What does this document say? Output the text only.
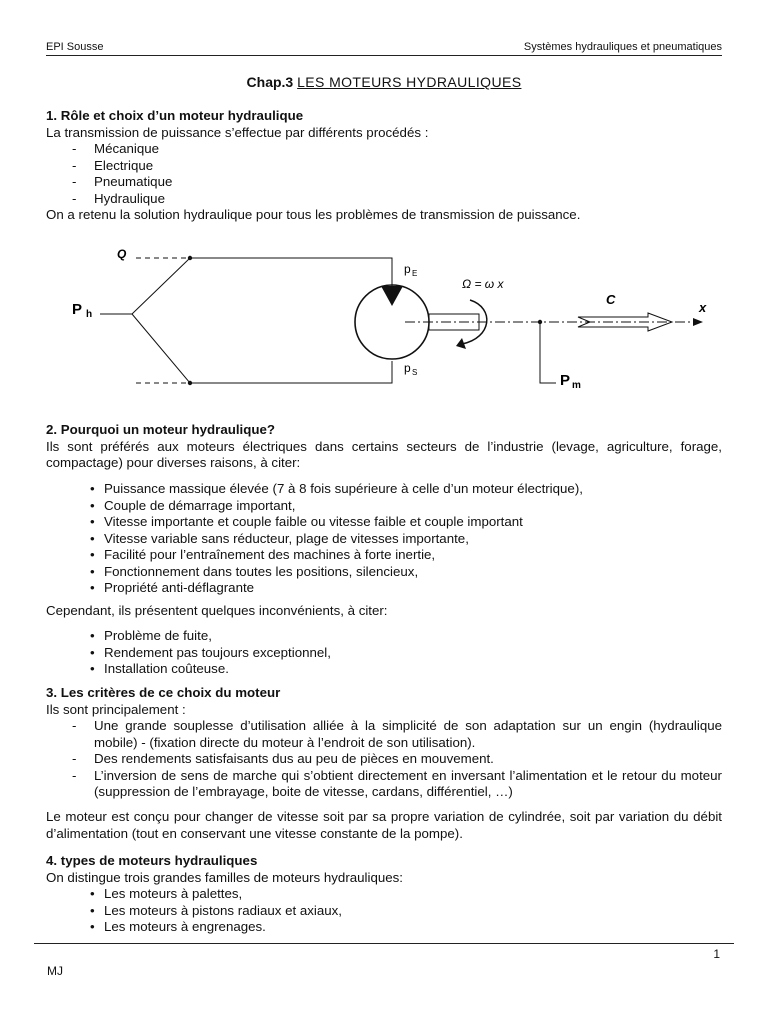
EPI Sousse	Systèmes hydrauliques et pneumatiques
Chap.3 LES MOTEURS HYDRAULIQUES
1. Rôle et choix d’un moteur hydraulique

La transmission de puissance s’effectue par différents procédés :

- Mécanique
- Electrique
- Pneumatique
- Hydraulique

On a retenu la solution hydraulique pour tous les problèmes de transmission de puissance.

Q
P h
p E
p S
Ω = ω x
C
x
P m
2. Pourquoi un moteur hydraulique?

Ils sont préférés aux moteurs électriques dans certains secteurs de l’industrie (levage, agriculture, forage, compactage) pour diverses raisons, à citer:

• Puissance massique élevée (7 à 8 fois supérieure à celle d’un moteur électrique),
• Couple de démarrage important,
• Vitesse importante et couple faible ou vitesse faible et couple important
• Vitesse variable sans réducteur, plage de vitesses importante,
• Facilité pour l’entraînement des machines à forte inertie,
• Fonctionnement dans toutes les positions, silencieux,
• Propriété anti-déflagrante

Cependant, ils présentent quelques inconvénients, à citer:

• Problème de fuite,
• Rendement pas toujours exceptionnel,
• Installation coûteuse.
3. Les critères de ce choix du moteur

Ils sont principalement :

- Une grande souplesse d’utilisation alliée à la simplicité de son adaptation sur un engin (hydraulique mobile) - (fixation directe du moteur à l’endroit de son utilisation).
- Des rendements satisfaisants dus au peu de pièces en mouvement.
- L’inversion de sens de marche qui s’obtient directement en inversant l’alimentation et le retour du moteur (suppression de l’embrayage, boite de vitesse, cardans, différentiel, …)

Le moteur est conçu pour changer de vitesse soit par sa propre variation de cylindrée, soit par variation du débit d’alimentation (tout en conservant une vitesse constante de la pompe).

4. types de moteurs hydrauliques

On distingue trois grandes familles de moteurs hydrauliques:

• Les moteurs à palettes,
• Les moteurs à pistons radiaux et axiaux,
• Les moteurs à engrenages.
1
MJ
